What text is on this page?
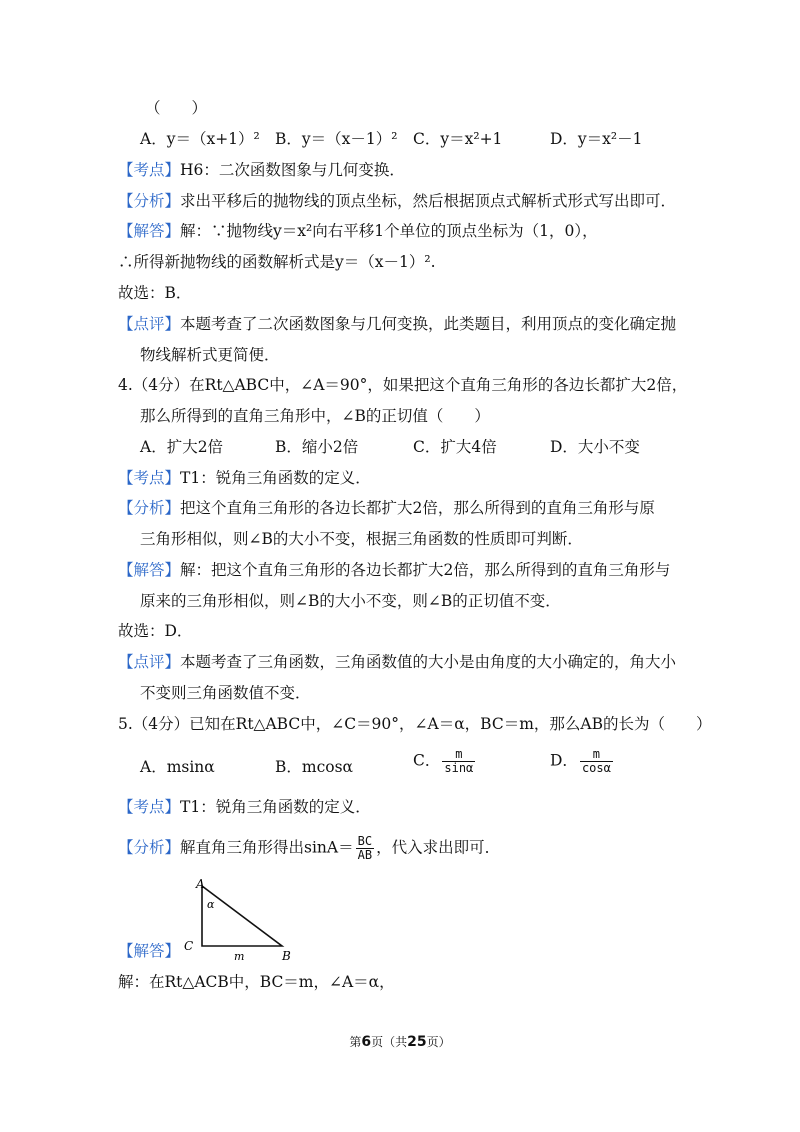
（　　）
A．y＝（x+1）² B．y＝（x－1）² C．y＝x²+1	D．y＝x²－1
【考点】H6：二次函数图象与几何变换．
【分析】求出平移后的抛物线的顶点坐标，然后根据顶点式解析式形式写出即可．
【解答】解：∵抛物线y＝x²向右平移1个单位的顶点坐标为（1，0），
∴所得新抛物线的函数解析式是y＝（x－1）².
故选：B．
【点评】本题考查了二次函数图象与几何变换，此类题目，利用顶点的变化确定抛
物线解析式更简便．
4.（4分）在Rt△ABC中，∠A＝90°，如果把这个直角三角形的各边长都扩大2倍，
那么所得到的直角三角形中，∠B的正切值（　　）
A．扩大2倍	B．缩小2倍	C．扩大4倍	D．大小不变
【考点】T1：锐角三角函数的定义．
【分析】把这个直角三角形的各边长都扩大2倍，那么所得到的直角三角形与原
三角形相似，则∠B的大小不变，根据三角函数的性质即可判断．
【解答】解：把这个直角三角形的各边长都扩大2倍，那么所得到的直角三角形与
原来的三角形相似，则∠B的大小不变，则∠B的正切值不变．
故选：D．
【点评】本题考查了三角函数，三角函数值的大小是由角度的大小确定的，角大小
不变则三角函数值不变．
5.（4分）已知在Rt△ABC中，∠C＝90°，∠A＝α，BC＝m，那么AB的长为（　　）
A．msinα	B．mcosα	C． $\frac{m}{\sin\alpha}$	D． $\frac{m}{\cos\alpha}$
【考点】T1：锐角三角函数的定义．
【分析】解直角三角形得出$\sin A= \frac{BC}{AB}$ ，代入求出即可．
A
C
B
α
m
【解答】
解：在Rt△ACB中，BC＝m，∠A＝α，
第6页（共25页）
